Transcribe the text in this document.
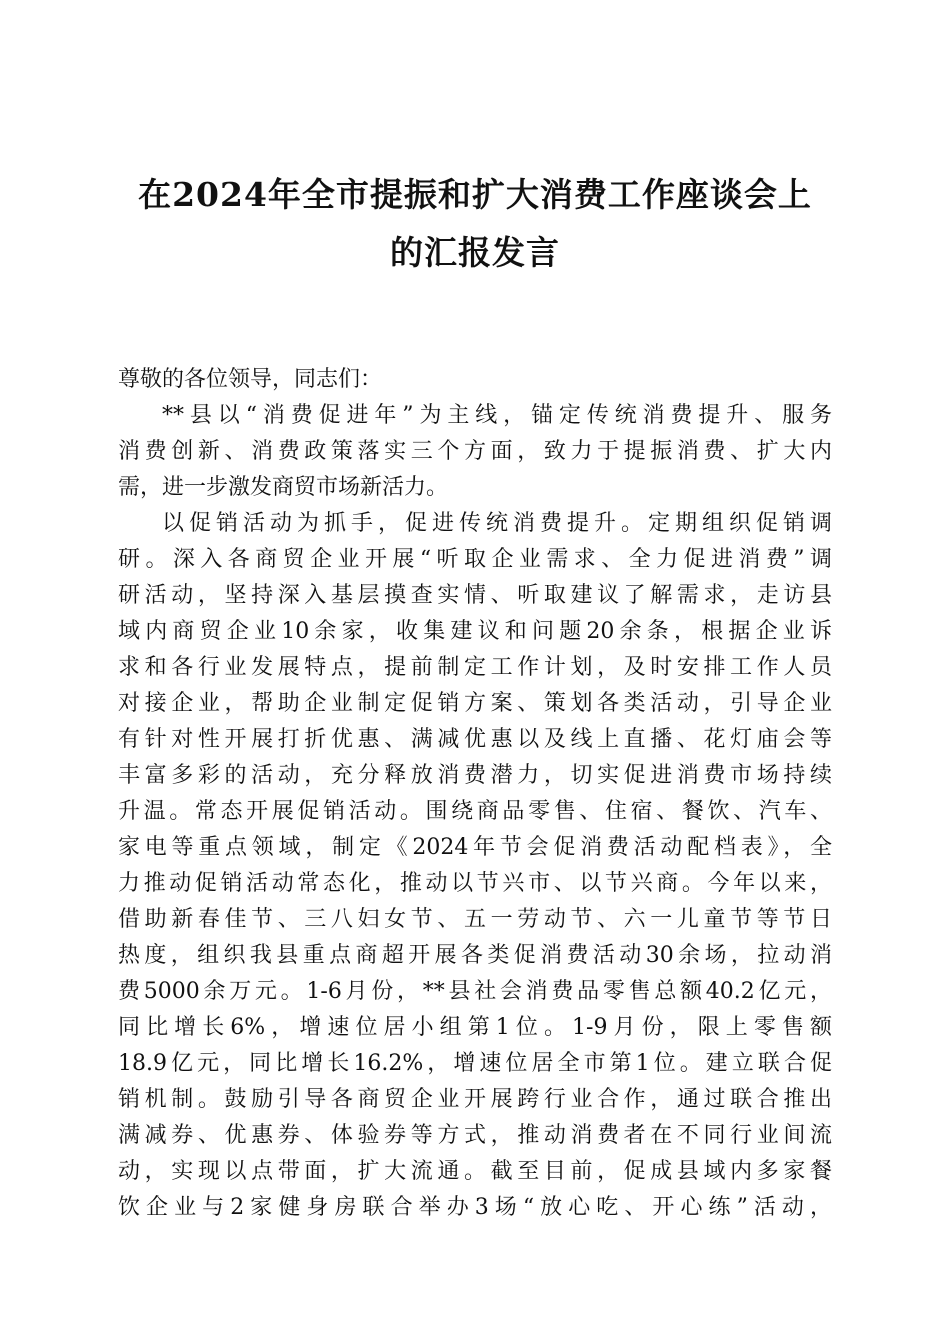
在2024年全市提振和扩大消费工作座谈会上
的汇报发言

尊敬的各位领导，同志们：

**县以“消费促进年”为主线，锚定传统消费提升、服务
消费创新、消费政策落实三个方面，致力于提振消费、扩大内
需，进一步激发商贸市场新活力。

以促销活动为抓手，促进传统消费提升。定期组织促销调
研。深入各商贸企业开展“听取企业需求、全力促进消费”调
研活动，坚持深入基层摸查实情、听取建议了解需求，走访县
域内商贸企业10余家，收集建议和问题20余条，根据企业诉
求和各行业发展特点，提前制定工作计划，及时安排工作人员
对接企业，帮助企业制定促销方案、策划各类活动，引导企业
有针对性开展打折优惠、满减优惠以及线上直播、花灯庙会等
丰富多彩的活动，充分释放消费潜力，切实促进消费市场持续
升温。常态开展促销活动。围绕商品零售、住宿、餐饮、汽车、
家电等重点领域，制定《2024年节会促消费活动配档表》，全
力推动促销活动常态化，推动以节兴市、以节兴商。今年以来，
借助新春佳节、三八妇女节、五一劳动节、六一儿童节等节日
热度，组织我县重点商超开展各类促消费活动30余场，拉动消
费5000余万元。1-6月份，**县社会消费品零售总额40.2亿元，
同比增长6%，增速位居小组第1位。1-9月份，限上零售额
18.9亿元，同比增长16.2%，增速位居全市第1位。建立联合促
销机制。鼓励引导各商贸企业开展跨行业合作，通过联合推出
满减券、优惠券、体验券等方式，推动消费者在不同行业间流
动，实现以点带面，扩大流通。截至目前，促成县域内多家餐
饮企业与2家健身房联合举办3场“放心吃、开心练”活动，
